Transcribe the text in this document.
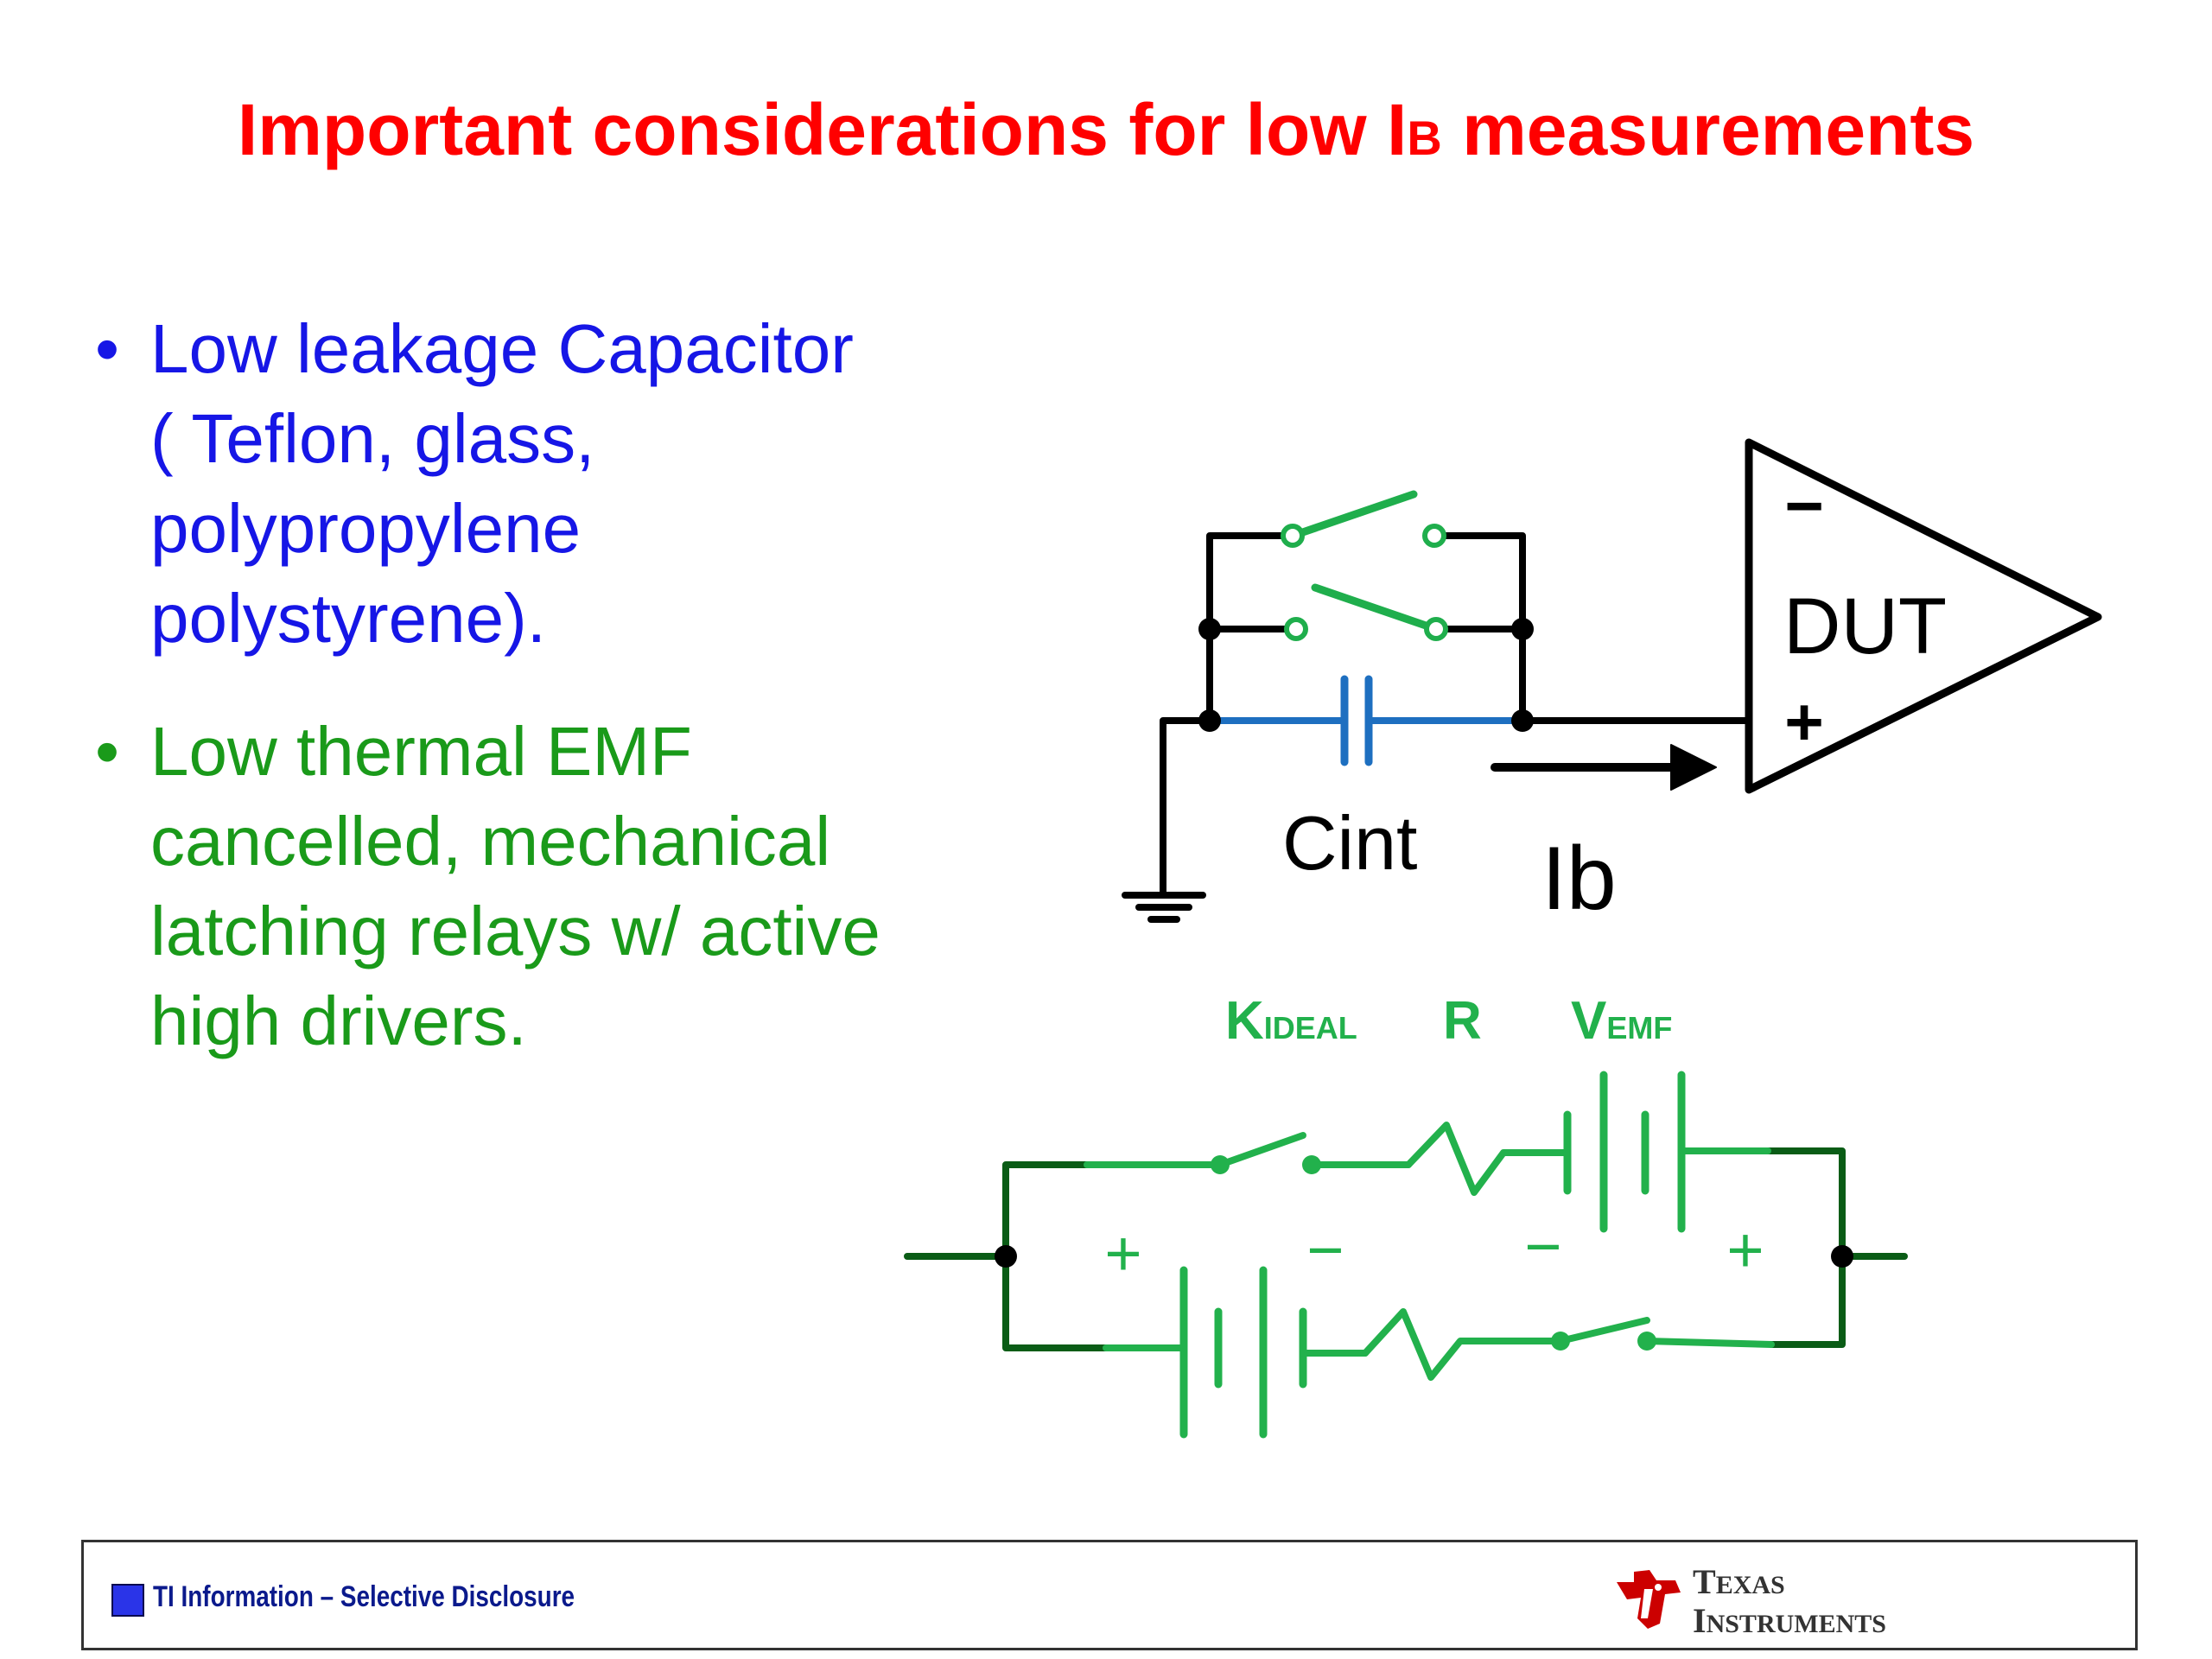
Important considerations for low IB measurements
• Low leakage Capacitor
( Teflon, glass,
polypropylene
polystyrene).
• Low thermal EMF
cancelled, mechanical
latching relays w/ active
high drivers.
−
DUT
+
Cint Ib
KIDEAL R VEMF
+	−	−	+
TI Information – Selective Disclosure	TEXAS
INSTRUMENTS
